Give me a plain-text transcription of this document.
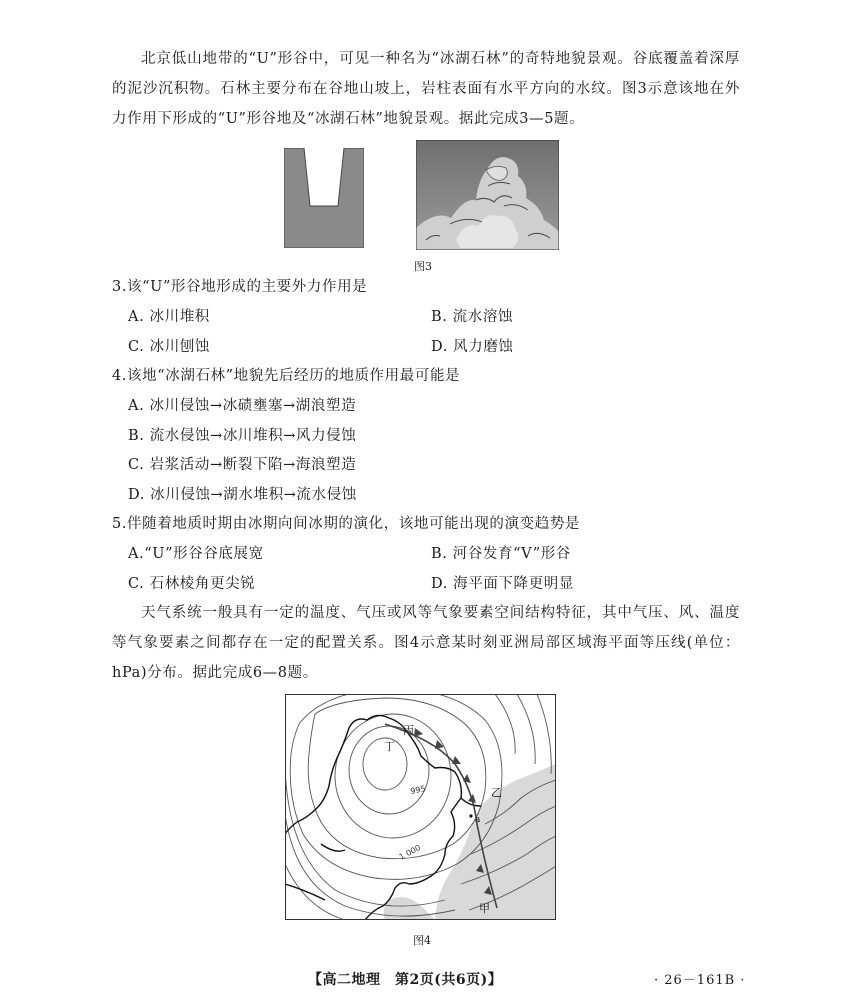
北京低山地带的“U”形谷中，可见一种名为“冰湖石林”的奇特地貌景观。谷底覆盖着深厚的泥沙沉积物。石林主要分布在谷地山坡上，岩柱表面有水平方向的水纹。图3示意该地在外力作用下形成的“U”形谷地及“冰湖石林”地貌景观。据此完成3—5题。
图3
3.该“U”形谷地形成的主要外力作用是
A. 冰川堆积	B. 流水溶蚀
C. 冰川刨蚀	D. 风力磨蚀
4.该地“冰湖石林”地貌先后经历的地质作用最可能是
A. 冰川侵蚀→冰碛壅塞→湖浪塑造
B. 流水侵蚀→冰川堆积→风力侵蚀
C. 岩浆活动→断裂下陷→海浪塑造
D. 冰川侵蚀→湖水堆积→流水侵蚀
5.伴随着地质时期由冰期向间冰期的演化，该地可能出现的演变趋势是
A.“U”形谷谷底展宽	B. 河谷发育“V”形谷
C. 石林棱角更尖锐	D. 海平面下降更明显
天气系统一般具有一定的温度、气压或风等气象要素空间结构特征，其中气压、风、温度等气象要素之间都存在一定的配置关系。图4示意某时刻亚洲局部区域海平面等压线(单位：hPa)分布。据此完成6—8题。
丁
丙
乙
甲
a
995
1 000
图4
【高二地理　第2页(共6页)】	· 26－161B ·
